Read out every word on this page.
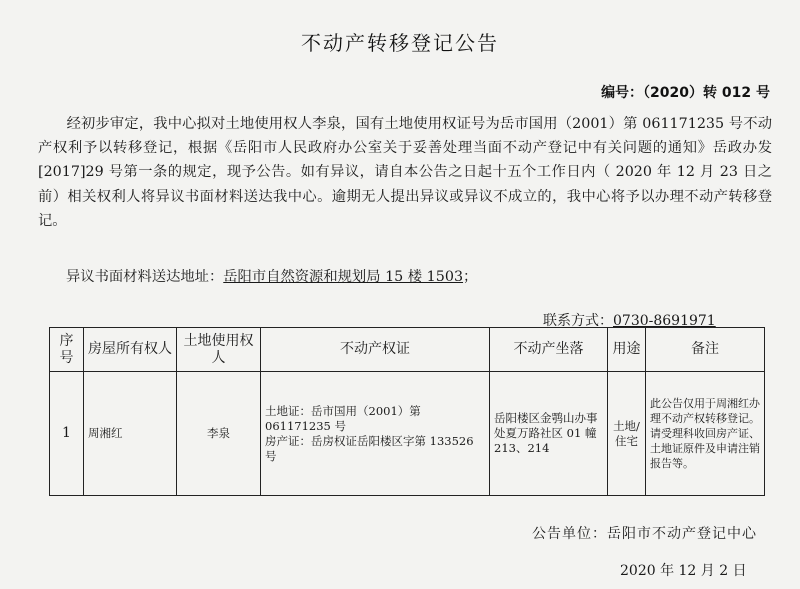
不动产转移登记公告
编号：（2020）转 012 号
经初步审定，我中心拟对土地使用权人李泉，国有土地使用权证号为岳市国用（2001）第 061171235 号不动产权利予以转移登记，根据《岳阳市人民政府办公室关于妥善处理当面不动产登记中有关问题的通知》岳政办发[2017]29 号第一条的规定，现予公告。如有异议，请自本公告之日起十五个工作日内（ 2020 年 12 月 23 日之前）相关权利人将异议书面材料送达我中心。逾期无人提出异议或异议不成立的，我中心将予以办理不动产转移登记。
异议书面材料送达地址：岳阳市自然资源和规划局 15 楼 1503；
联系方式：0730-8691971
序号	房屋所有权人	土地使用权人	不动产权证	不动产坐落	用途	备注
1	周湘红	李泉	土地证：岳市国用（2001）第 061171235 号
房产证：岳房权证岳阳楼区字第 133526 号	岳阳楼区金鹗山办事处夏万路社区 01 幢 213、214	土地/住宅	此公告仅用于周湘红办理不动产权转移登记。请受理科收回房产证、土地证原件及申请注销报告等。
公告单位：岳阳市不动产登记中心
2020 年 12 月 2 日
